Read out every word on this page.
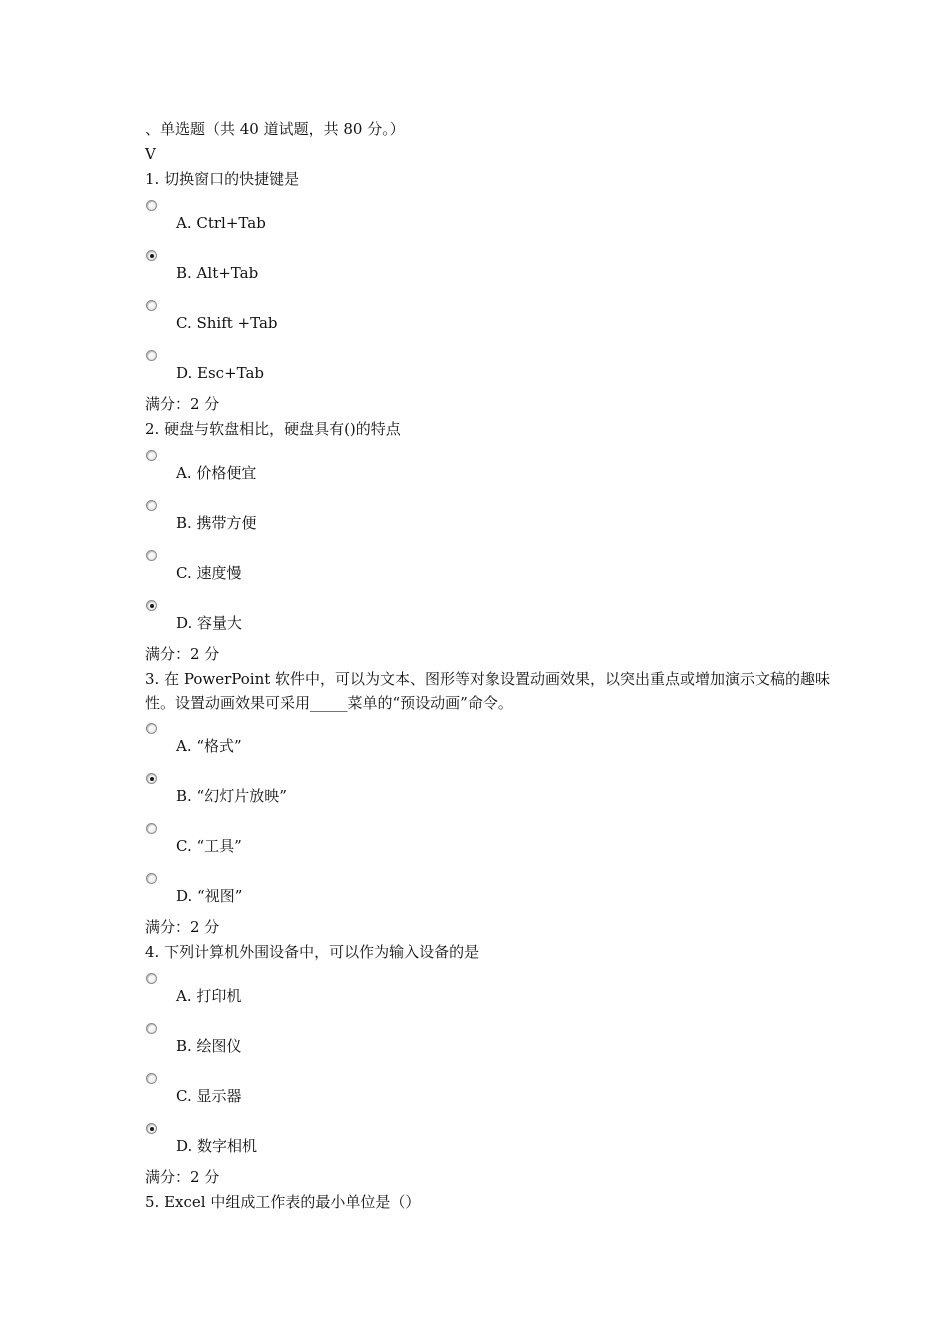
、单选题（共 40 道试题，共 80 分。）
V
1. 切换窗口的快捷键是
A. Ctrl+Tab
B. Alt+Tab
C. Shift +Tab
D. Esc+Tab
满分：2 分
2. 硬盘与软盘相比，硬盘具有()的特点
A. 价格便宜
B. 携带方便
C. 速度慢
D. 容量大
满分：2 分
3. 在 PowerPoint 软件中，可以为文本、图形等对象设置动画效果，以突出重点或增加演示文稿的趣味性。设置动画效果可采用_____菜单的“预设动画”命令。
A. “格式”
B. “幻灯片放映”
C. “工具”
D. “视图”
满分：2 分
4. 下列计算机外围设备中，可以作为输入设备的是
A. 打印机
B. 绘图仪
C. 显示器
D. 数字相机
满分：2 分
5. Excel 中组成工作表的最小单位是（）
